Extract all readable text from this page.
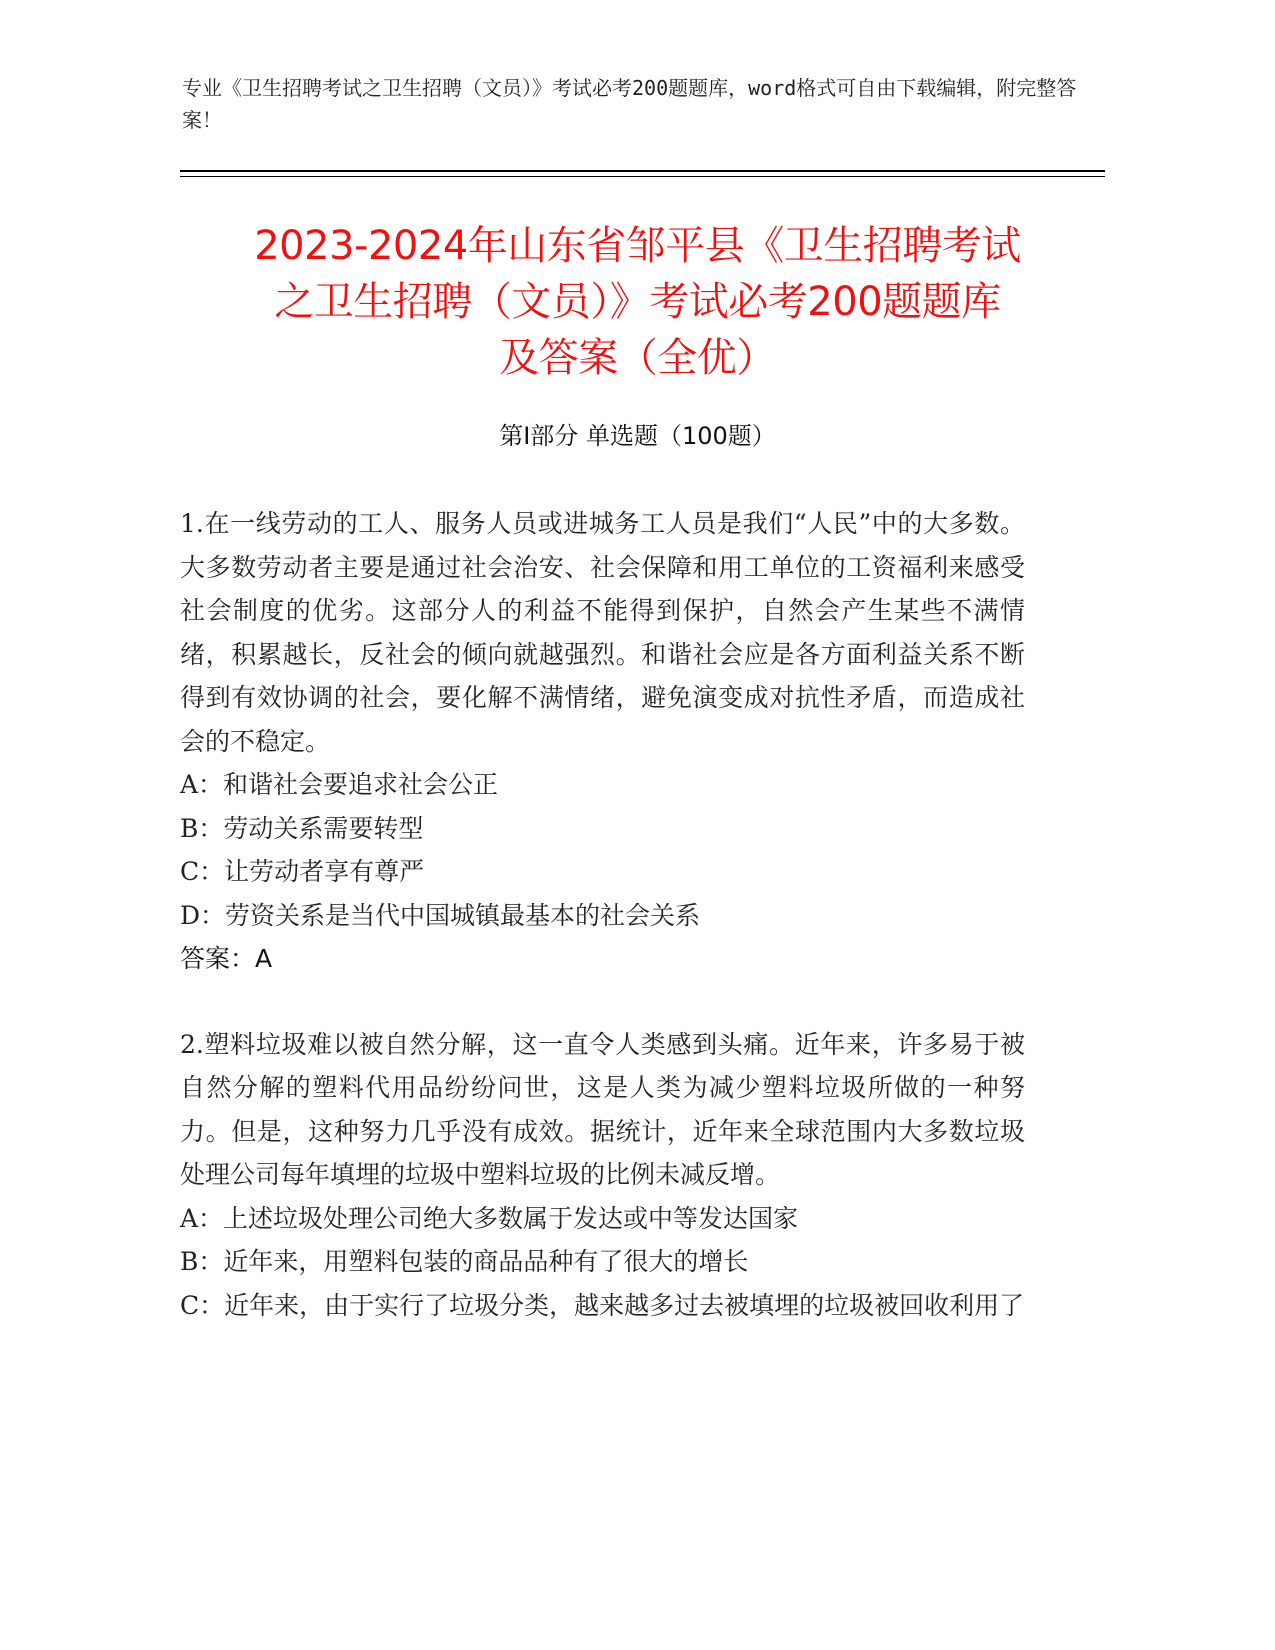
专业《卫生招聘考试之卫生招聘（文员）》考试必考200题题库，word格式可自由下载编辑，附完整答案！
2023-2024年山东省邹平县《卫生招聘考试
之卫生招聘（文员）》考试必考200题题库
及答案（全优）
第I部分 单选题（100题）

1.在一线劳动的工人、服务人员或进城务工人员是我们“人民”中的大多数。大多数劳动者主要是通过社会治安、社会保障和用工单位的工资福利来感受社会制度的优劣。这部分人的利益不能得到保护，自然会产生某些不满情绪，积累越长，反社会的倾向就越强烈。和谐社会应是各方面利益关系不断得到有效协调的社会，要化解不满情绪，避免演变成对抗性矛盾，而造成社会的不稳定。

A：和谐社会要追求社会公正

B：劳动关系需要转型

C：让劳动者享有尊严

D：劳资关系是当代中国城镇最基本的社会关系

答案：A

2.塑料垃圾难以被自然分解，这一直令人类感到头痛。近年来，许多易于被自然分解的塑料代用品纷纷问世，这是人类为减少塑料垃圾所做的一种努力。但是，这种努力几乎没有成效。据统计，近年来全球范围内大多数垃圾处理公司每年填埋的垃圾中塑料垃圾的比例未减反增。

A：上述垃圾处理公司绝大多数属于发达或中等发达国家

B：近年来，用塑料包装的商品品种有了很大的增长

C：近年来，由于实行了垃圾分类，越来越多过去被填埋的垃圾被回收利用了
